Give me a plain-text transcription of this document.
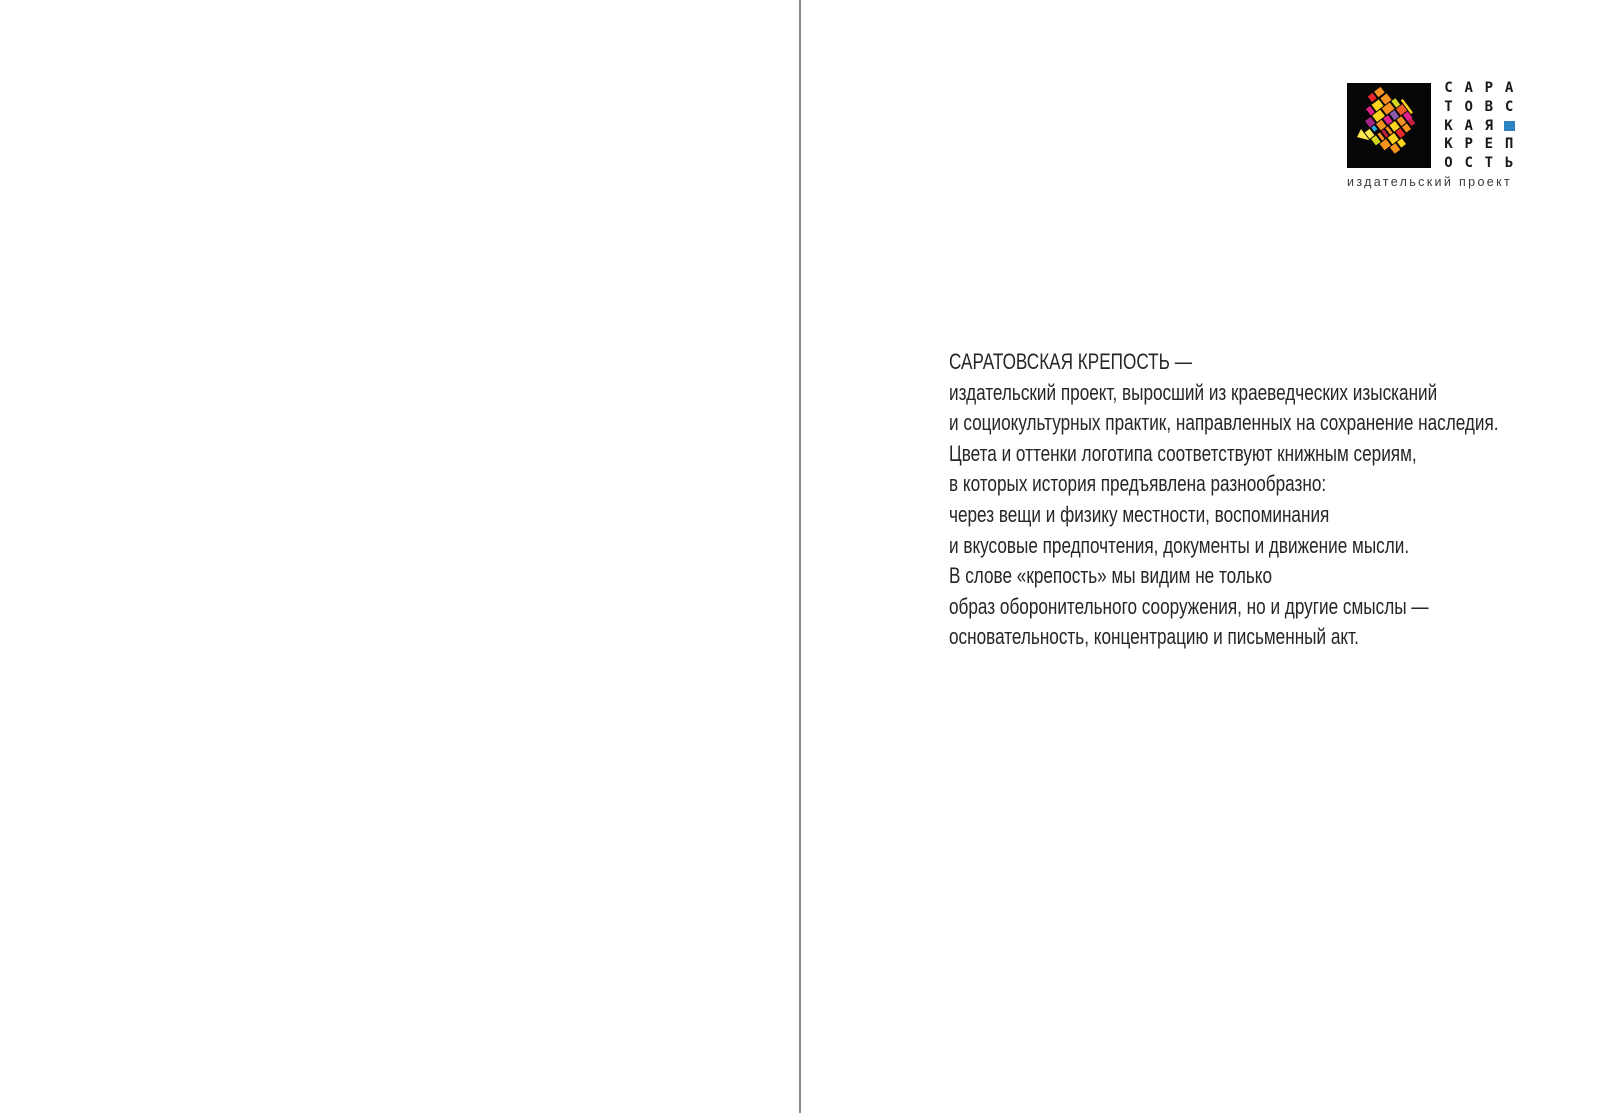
С А Р А
Т О В С
К А Я
К Р Е П
О С Т Ь
издательский проект
САРАТОВСКАЯ КРЕПОСТЬ —
издательский проект, выросший из краеведческих изысканий
и социокультурных практик, направленных на сохранение наследия.
Цвета и оттенки логотипа соответствуют книжным сериям,
в которых история предъявлена разнообразно:
через вещи и физику местности, воспоминания
и вкусовые предпочтения, документы и движение мысли.
В слове «крепость» мы видим не только
образ оборонительного сооружения, но и другие смыслы —
основательность, концентрацию и письменный акт.
